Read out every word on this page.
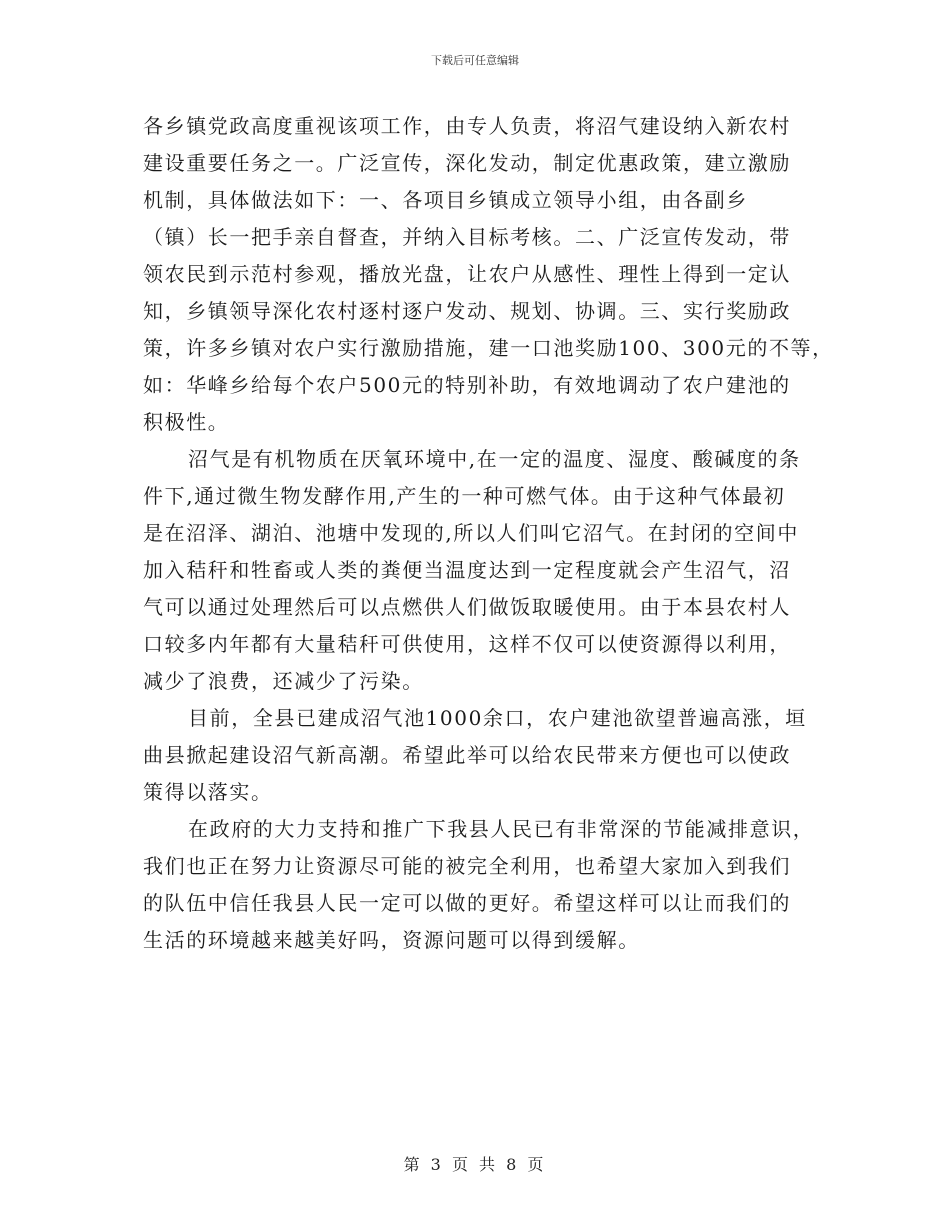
下载后可任意编辑
各乡镇党政高度重视该项工作，由专人负责，将沼气建设纳入新农村
建设重要任务之一。广泛宣传，深化发动，制定优惠政策，建立激励
机制，具体做法如下：一、各项目乡镇成立领导小组，由各副乡
（镇）长一把手亲自督查，并纳入目标考核。二、广泛宣传发动，带
领农民到示范村参观，播放光盘，让农户从感性、理性上得到一定认
知，乡镇领导深化农村逐村逐户发动、规划、协调。三、实行奖励政
策，许多乡镇对农户实行激励措施，建一口池奖励100、300元的不等，
如：华峰乡给每个农户500元的特别补助，有效地调动了农户建池的
积极性。
沼气是有机物质在厌氧环境中,在一定的温度、湿度、酸碱度的条
件下,通过微生物发酵作用,产生的一种可燃气体。由于这种气体最初
是在沼泽、湖泊、池塘中发现的,所以人们叫它沼气。在封闭的空间中
加入秸秆和牲畜或人类的粪便当温度达到一定程度就会产生沼气，沼
气可以通过处理然后可以点燃供人们做饭取暖使用。由于本县农村人
口较多内年都有大量秸秆可供使用，这样不仅可以使资源得以利用，
减少了浪费，还减少了污染。
目前，全县已建成沼气池1000余口，农户建池欲望普遍高涨，垣
曲县掀起建设沼气新高潮。希望此举可以给农民带来方便也可以使政
策得以落实。
在政府的大力支持和推广下我县人民已有非常深的节能减排意识，
我们也正在努力让资源尽可能的被完全利用，也希望大家加入到我们
的队伍中信任我县人民一定可以做的更好。希望这样可以让而我们的
生活的环境越来越美好吗，资源问题可以得到缓解。
第 3 页 共 8 页
